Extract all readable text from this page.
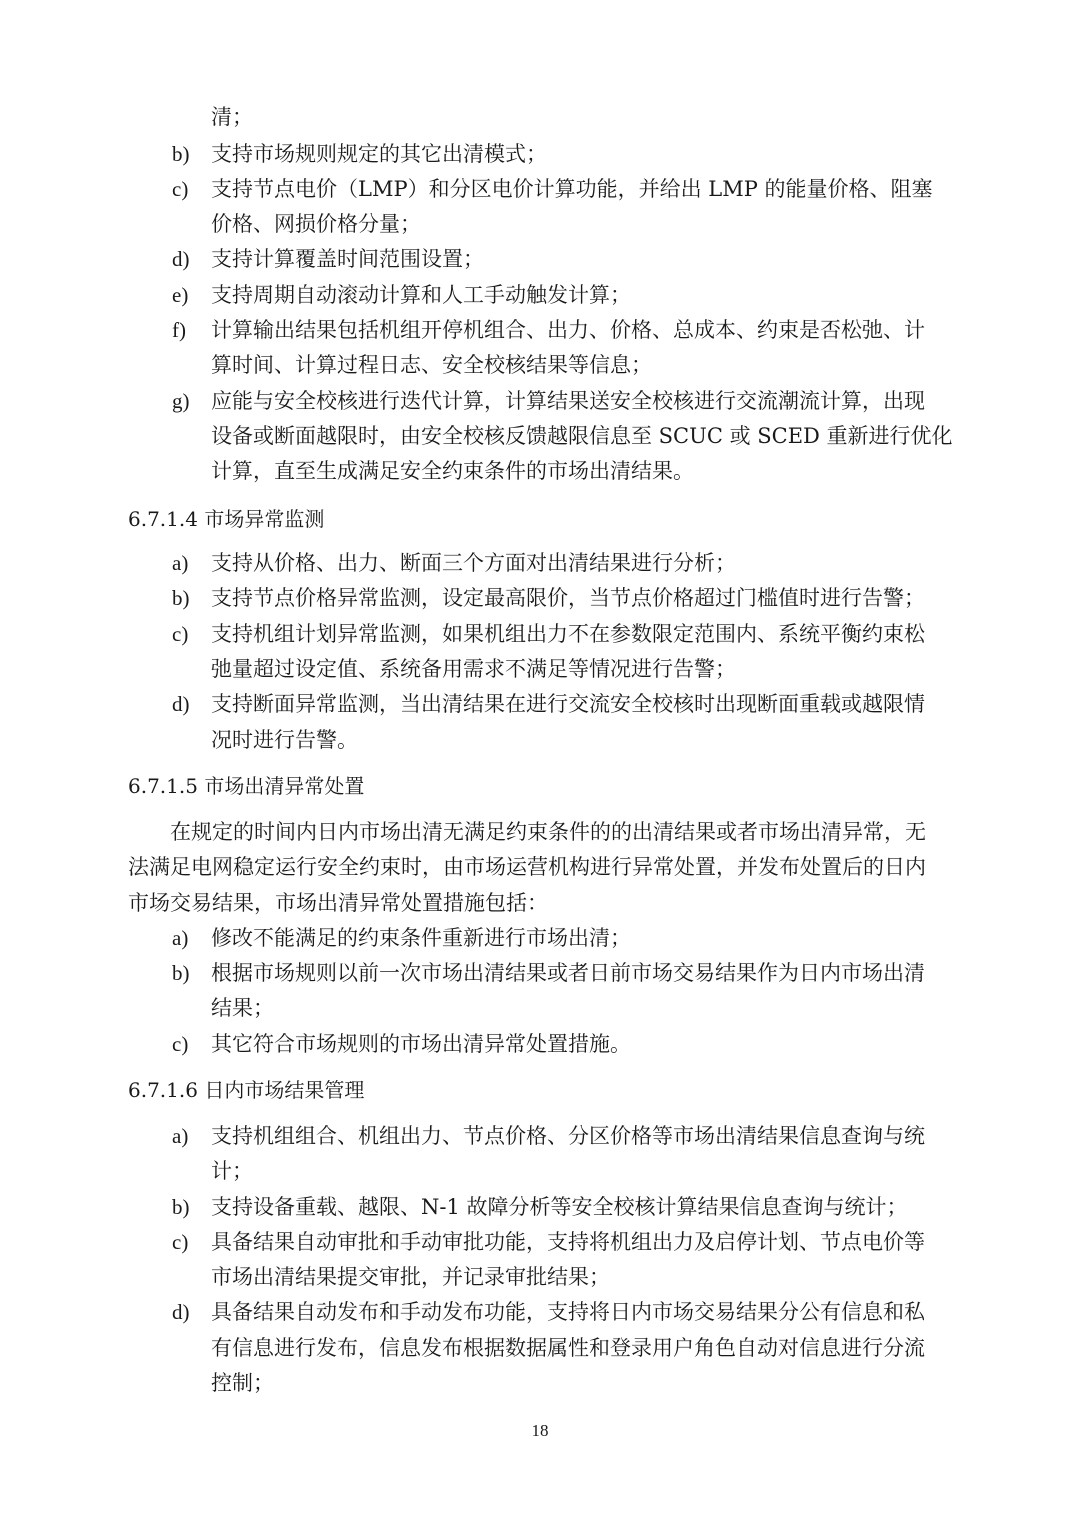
清；
b) 支持市场规则规定的其它出清模式；
c) 支持节点电价（LMP）和分区电价计算功能，并给出 LMP 的能量价格、阻塞
价格、网损价格分量；
d) 支持计算覆盖时间范围设置；
e) 支持周期自动滚动计算和人工手动触发计算；
f) 计算输出结果包括机组开停机组合、出力、价格、总成本、约束是否松弛、计
算时间、计算过程日志、安全校核结果等信息；
g) 应能与安全校核进行迭代计算，计算结果送安全校核进行交流潮流计算，出现
设备或断面越限时，由安全校核反馈越限信息至 SCUC 或 SCED 重新进行优化
计算，直至生成满足安全约束条件的市场出清结果。
6.7.1.4 市场异常监测
a) 支持从价格、出力、断面三个方面对出清结果进行分析；
b) 支持节点价格异常监测，设定最高限价，当节点价格超过门槛值时进行告警；
c) 支持机组计划异常监测，如果机组出力不在参数限定范围内、系统平衡约束松
弛量超过设定值、系统备用需求不满足等情况进行告警；
d) 支持断面异常监测，当出清结果在进行交流安全校核时出现断面重载或越限情
况时进行告警。
6.7.1.5 市场出清异常处置
在规定的时间内日内市场出清无满足约束条件的的出清结果或者市场出清异常，无
法满足电网稳定运行安全约束时，由市场运营机构进行异常处置，并发布处置后的日内
市场交易结果，市场出清异常处置措施包括：
a) 修改不能满足的约束条件重新进行市场出清；
b) 根据市场规则以前一次市场出清结果或者日前市场交易结果作为日内市场出清
结果；
c) 其它符合市场规则的市场出清异常处置措施。
6.7.1.6 日内市场结果管理
a) 支持机组组合、机组出力、节点价格、分区价格等市场出清结果信息查询与统
计；
b) 支持设备重载、越限、N-1 故障分析等安全校核计算结果信息查询与统计；
c) 具备结果自动审批和手动审批功能，支持将机组出力及启停计划、节点电价等
市场出清结果提交审批，并记录审批结果；
d) 具备结果自动发布和手动发布功能，支持将日内市场交易结果分公有信息和私
有信息进行发布，信息发布根据数据属性和登录用户角色自动对信息进行分流
控制；
18
